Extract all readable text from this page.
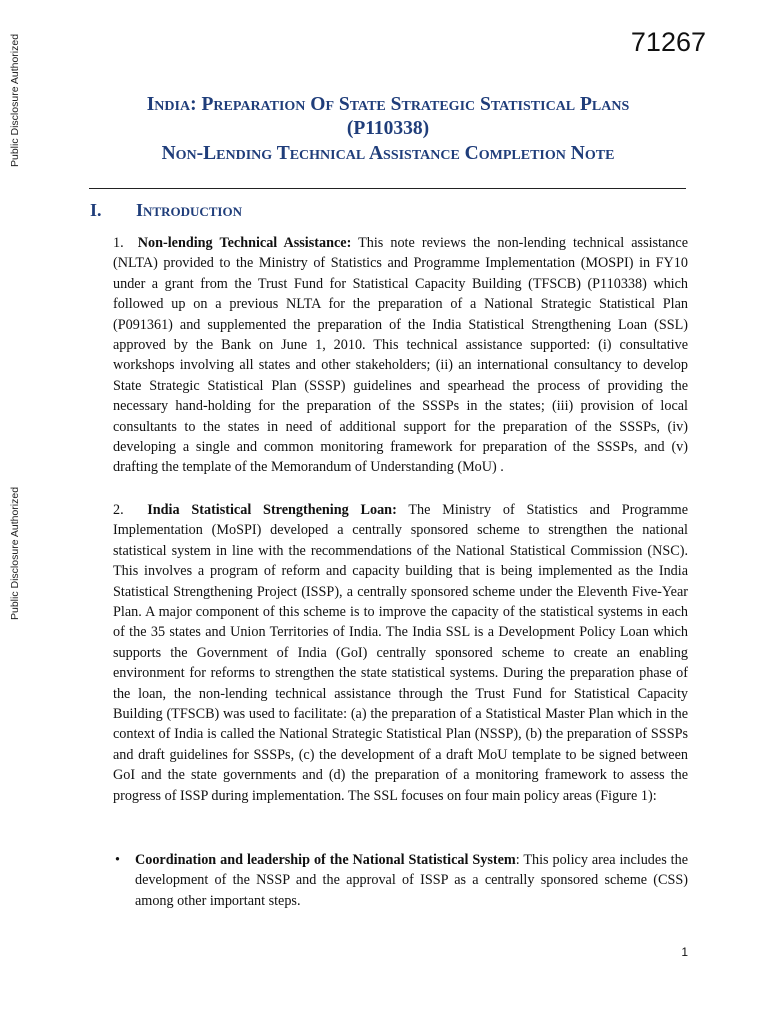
Public Disclosure Authorized
Public Disclosure Authorized
71267
India: Preparation Of State Strategic Statistical Plans
(P110338)
Non-Lending Technical Assistance Completion Note
I. Introduction
1. Non-lending Technical Assistance: This note reviews the non-lending technical assistance (NLTA) provided to the Ministry of Statistics and Programme Implementation (MOSPI) in FY10 under a grant from the Trust Fund for Statistical Capacity Building (TFSCB) (P110338) which followed up on a previous NLTA for the preparation of a National Strategic Statistical Plan (P091361) and supplemented the preparation of the India Statistical Strengthening Loan (SSL) approved by the Bank on June 1, 2010. This technical assistance supported: (i) consultative workshops involving all states and other stakeholders; (ii) an international consultancy to develop State Strategic Statistical Plan (SSSP) guidelines and spearhead the process of providing the necessary hand-holding for the preparation of the SSSPs in the states; (iii) provision of local consultants to the states in need of additional support for the preparation of the SSSPs, (iv) developing a single and common monitoring framework for preparation of the SSSPs, and (v) drafting the template of the Memorandum of Understanding (MoU) .
2. India Statistical Strengthening Loan: The Ministry of Statistics and Programme Implementation (MoSPI) developed a centrally sponsored scheme to strengthen the national statistical system in line with the recommendations of the National Statistical Commission (NSC). This involves a program of reform and capacity building that is being implemented as the India Statistical Strengthening Project (ISSP), a centrally sponsored scheme under the Eleventh Five-Year Plan. A major component of this scheme is to improve the capacity of the statistical systems in each of the 35 states and Union Territories of India. The India SSL is a Development Policy Loan which supports the Government of India (GoI) centrally sponsored scheme to create an enabling environment for reforms to strengthen the state statistical systems. During the preparation phase of the loan, the non-lending technical assistance through the Trust Fund for Statistical Capacity Building (TFSCB) was used to facilitate: (a) the preparation of a Statistical Master Plan which in the context of India is called the National Strategic Statistical Plan (NSSP), (b) the preparation of SSSPs and draft guidelines for SSSPs, (c) the development of a draft MoU template to be signed between GoI and the state governments and (d) the preparation of a monitoring framework to assess the progress of ISSP during implementation. The SSL focuses on four main policy areas (Figure 1):
• Coordination and leadership of the National Statistical System: This policy area includes the development of the NSSP and the approval of ISSP as a centrally sponsored scheme (CSS) among other important steps.
1
